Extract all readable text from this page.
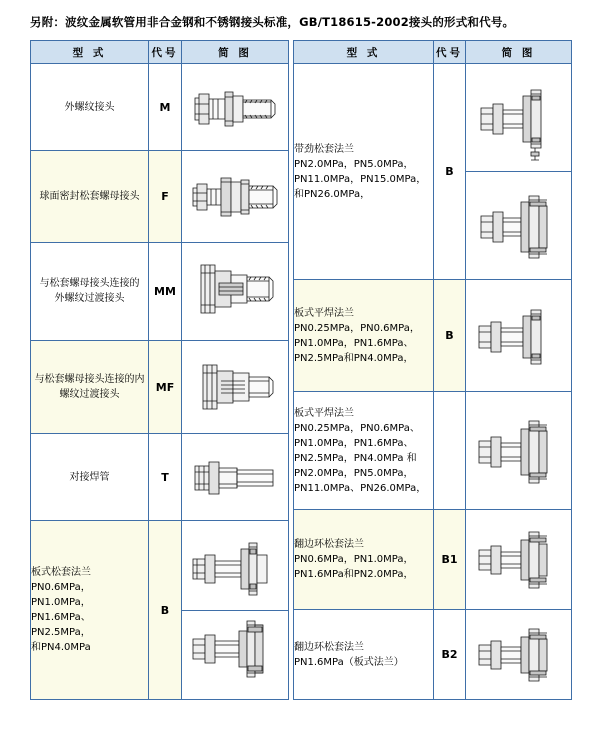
另附：波纹金属软管用非合金钢和不锈钢接头标准，GB/T18615-2002接头的形式和代号。
型 式	代号	简 图

外螺纹接头	M	

球面密封松套螺母接头	F	

与松套螺母接头连接的
外螺纹过渡接头	MM	

与松套螺母接头连接的内
螺纹过渡接头	MF	

对接焊管	T	

板式松套法兰
PN0.6MPa，PN1.0MPa，
PN1.6MPa、PN2.5MPa，
和PN4.0MPa	B	
型 式	代号	简 图

带劲松套法兰
PN2.0MPa，PN5.0MPa，
PN11.0MPa，PN15.0MPa，
和PN26.0MPa，	B	

板式平焊法兰
PN0.25MPa，PN0.6MPa，
PN1.0MPa，PN1.6MPa、
PN2.5MPa和PN4.0MPa，	B	

板式平焊法兰
PN0.25MPa，PN0.6MPa、
PN1.0MPa，PN1.6MPa、
PN2.5MPa，PN4.0MPa 和
PN2.0MPa，PN5.0MPa，
PN11.0MPa、PN26.0MPa，

翻边环松套法兰
PN0.6MPa，PN1.0MPa，
PN1.6MPa和PN2.0MPa，	B1	

翻边环松套法兰
PN1.6MPa（板式法兰）	B2	
